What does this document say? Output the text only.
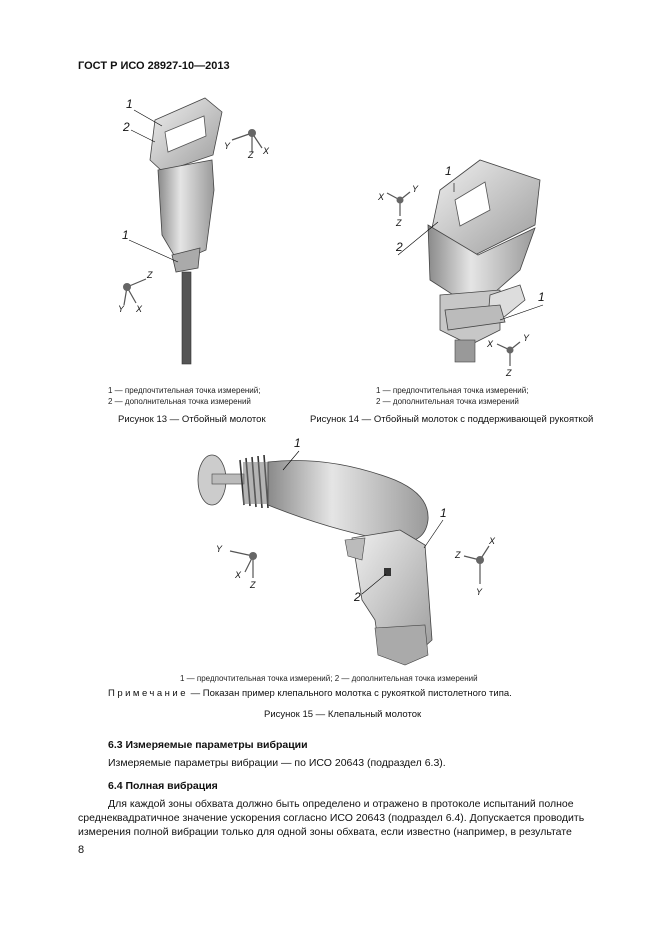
ГОСТ Р ИСО 28927-10—2013
1
2
1
Y
Z X
Z
Y X
1 — предпочтительная точка измерений;
2 — дополнительная точка измерений
Рисунок 13 — Отбойный молоток
1
2
1
X
Y
Z
X
Y
Z
1 — предпочтительная точка измерений;
2 — дополнительная точка измерений
Рисунок 14 — Отбойный молоток с поддерживающей рукояткой
1
1
2
Y
X
Z
Z
X
Y
1 — предпочтительная точка измерений; 2 — дополнительная точка измерений
Примечание — Показан пример клепального молотка с рукояткой пистолетного типа.
Рисунок 15 — Клепальный молоток
6.3 Измеряемые параметры вибрации
Измеряемые параметры вибрации — по ИСО 20643 (подраздел 6.3).
6.4 Полная вибрация
Для каждой зоны обхвата должно быть определено и отражено в протоколе испытаний полное
среднеквадратичное значение ускорения согласно ИСО 20643 (подраздел 6.4). Допускается проводить
измерения полной вибрации только для одной зоны обхвата, если известно (например, в результате
8
